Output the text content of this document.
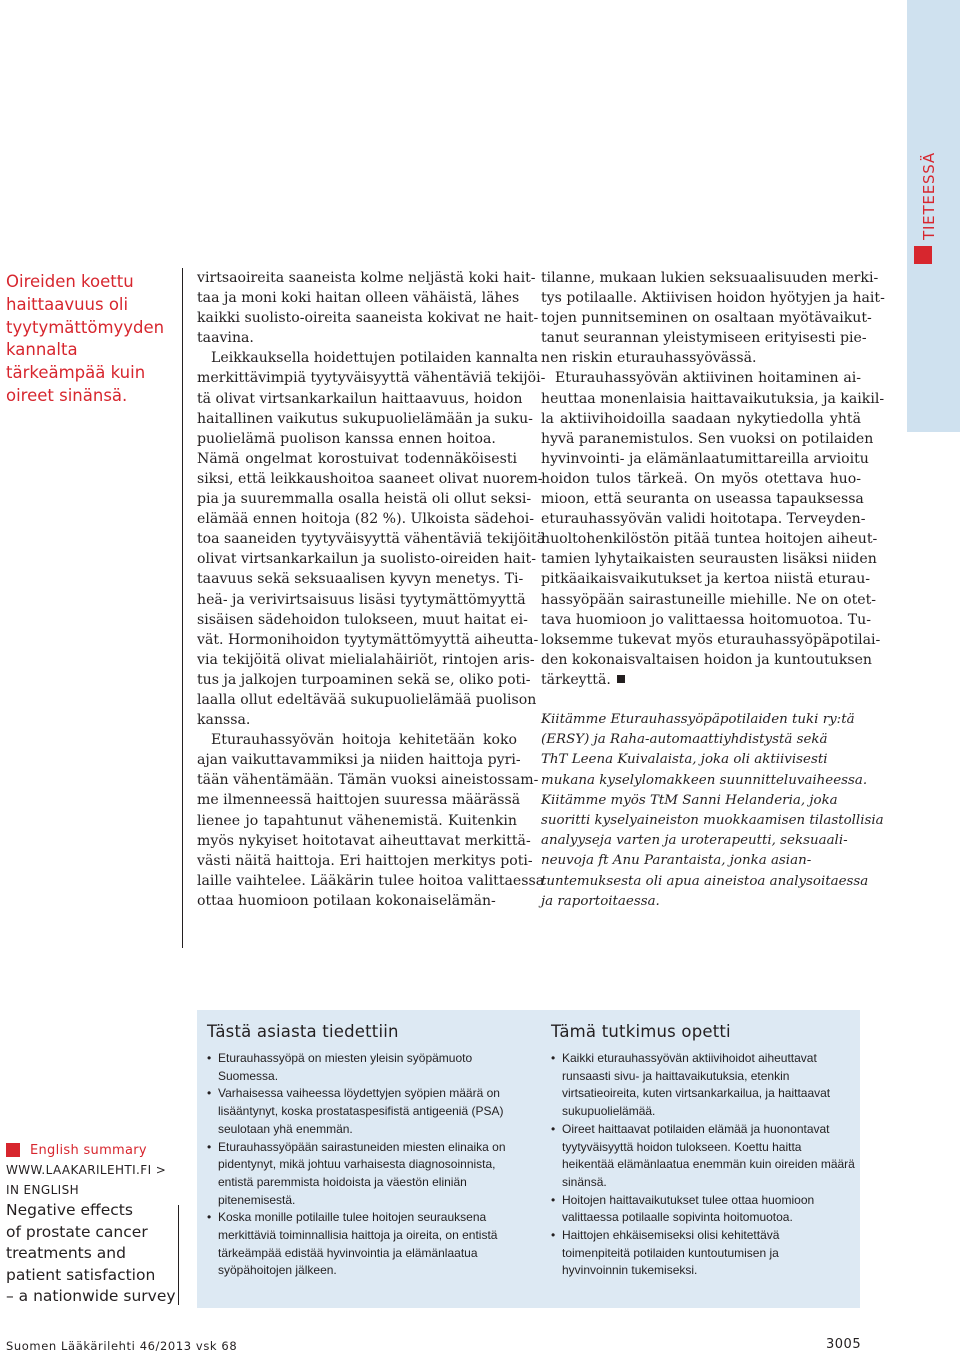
TIETEESSÄ
Oireiden koettu
haittaavuus oli
tyytymättömyyden
kannalta
tärkeämpää kuin
oireet sinänsä.
virtsaoireita saaneista kolme neljästä koki hait-
taa ja moni koki haitan olleen vähäistä, lähes
kaikki suolisto-oireita saaneista kokivat ne hait-
taavina.
Leikkauksella hoidettujen potilaiden kannalta
merkittävimpiä tyytyväisyyttä vähentäviä tekijöi-
tä olivat virtsankarkailun haittaavuus, hoidon
haitallinen vaikutus sukupuolielämään ja suku-
puolielämä puolison kanssa ennen hoitoa.
Nämä ongelmat korostuivat todennäköisesti
siksi, että leikkaushoitoa saaneet olivat nuorem-
pia ja suuremmalla osalla heistä oli ollut seksi-
elämää ennen hoitoja (82 %). Ulkoista sädehoi-
toa saaneiden tyytyväisyyttä vähentäviä tekijöitä
olivat virtsankarkailun ja suolisto-oireiden hait-
taavuus sekä seksuaalisen kyvyn menetys. Ti-
heä- ja verivirtsaisuus lisäsi tyytymättömyyttä
sisäisen sädehoidon tulokseen, muut haitat ei-
vät. Hormonihoidon tyytymättömyyttä aiheutta-
via tekijöitä olivat mielialahäiriöt, rintojen aris-
tus ja jalkojen turpoaminen sekä se, oliko poti-
laalla ollut edeltävää sukupuolielämää puolison
kanssa.
Eturauhassyövän hoitoja kehitetään koko
ajan vaikuttavammiksi ja niiden haittoja pyri-
tään vähentämään. Tämän vuoksi aineistossam-
me ilmenneessä haittojen suuressa määrässä
lienee jo tapahtunut vähenemistä. Kuitenkin
myös nykyiset hoitotavat aiheuttavat merkittä-
västi näitä haittoja. Eri haittojen merkitys poti-
laille vaihtelee. Lääkärin tulee hoitoa valittaessa
ottaa huomioon potilaan kokonaiselämän-
tilanne, mukaan lukien seksuaalisuuden merki-
tys potilaalle. Aktiivisen hoidon hyötyjen ja hait-
tojen punnitseminen on osaltaan myötävaikut-
tanut seurannan yleistymiseen erityisesti pie-
nen riskin eturauhassyövässä.
Eturauhassyövän aktiivinen hoitaminen ai-
heuttaa monenlaisia haittavaikutuksia, ja kaikil-
la aktiivihoidoilla saadaan nykytiedolla yhtä
hyvä paranemistulos. Sen vuoksi on potilaiden
hyvinvointi- ja elämänlaatumittareilla arvioitu
hoidon tulos tärkeä. On myös otettava huo-
mioon, että seuranta on useassa tapauksessa
eturauhassyövän validi hoitotapa. Terveyden-
huoltohenkilöstön pitää tuntea hoitojen aiheut-
tamien lyhytaikaisten seurausten lisäksi niiden
pitkäaikaisvaikutukset ja kertoa niistä eturau-
hassyöpään sairastuneille miehille. Ne on otet-
tava huomioon jo valittaessa hoitomuotoa. Tu-
loksemme tukevat myös eturauhassyöpäpotilai-
den kokonaisvaltaisen hoidon ja kuntoutuksen
tärkeyttä.
Kiitämme Eturauhassyöpäpotilaiden tuki ry:tä
(ERSY) ja Raha-automaattiyhdistystä sekä
ThT Leena Kuivalaista, joka oli aktiivisesti
mukana kyselylomakkeen suunnitteluvaiheessa.
Kiitämme myös TtM Sanni Helanderia, joka
suoritti kyselyaineiston muokkaamisen tilastollisia
analyyseja varten ja uroterapeutti, seksuaali-
neuvoja ft Anu Parantaista, jonka asian-
tuntemuksesta oli apua aineistoa analysoitaessa
ja raportoitaessa.
English summary
WWW.LAAKARILEHTI.FI >
IN ENGLISH
Negative effects
of prostate cancer
treatments and
patient satisfaction
– a nationwide survey
Tästä asiasta tiedettiin
• Eturauhassyöpä on miesten yleisin syöpämuoto
Suomessa.
• Varhaisessa vaiheessa löydettyjen syöpien määrä on
lisääntynyt, koska prostataspesifistä antigeeniä (PSA)
seulotaan yhä enemmän.
• Eturauhassyöpään sairastuneiden miesten elinaika on
pidentynyt, mikä johtuu varhaisesta diagnosoinnista,
entistä paremmista hoidoista ja väestön eliniän
pitenemisestä.
• Koska monille potilaille tulee hoitojen seurauksena
merkittäviä toiminnallisia haittoja ja oireita, on entistä
tärkeämpää edistää hyvinvointia ja elämänlaatua
syöpähoitojen jälkeen.
Tämä tutkimus opetti
• Kaikki eturauhassyövän aktiivihoidot aiheuttavat
runsaasti sivu- ja haittavaikutuksia, etenkin
virtsatieoireita, kuten virtsankarkailua, ja haittaavat
sukupuolielämää.
• Oireet haittaavat potilaiden elämää ja huonontavat
tyytyväisyyttä hoidon tulokseen. Koettu haitta
heikentää elämänlaatua enemmän kuin oireiden määrä
sinänsä.
• Hoitojen haittavaikutukset tulee ottaa huomioon
valittaessa potilaalle sopivinta hoitomuotoa.
• Haittojen ehkäisemiseksi olisi kehitettävä
toimenpiteitä potilaiden kuntoutumisen ja
hyvinvoinnin tukemiseksi.
Suomen Lääkärilehti 46/2013 vsk 68	3005
